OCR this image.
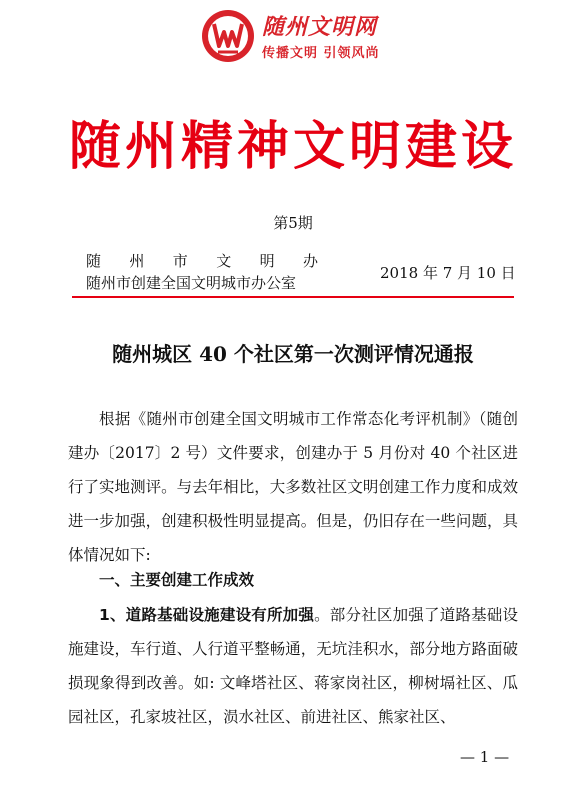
随州文明网
传播文明 引领风尚
随州精神文明建设
第5期
随 州 市 文 明 办
随州市创建全国文明城市办公室
2018 年 7 月 10 日
随州城区 40 个社区第一次测评情况通报
根据《随州市创建全国文明城市工作常态化考评机制》（随创建办〔2017〕2 号）文件要求，创建办于 5 月份对 40 个社区进行了实地测评。与去年相比，大多数社区文明创建工作力度和成效进一步加强，创建积极性明显提高。但是，仍旧存在一些问题，具体情况如下:
一、主要创建工作成效
1、道路基础设施建设有所加强。部分社区加强了道路基础设施建设，车行道、人行道平整畅通，无坑洼积水，部分地方路面破损现象得到改善。如: 文峰塔社区、蒋家岗社区，柳树塥社区、瓜园社区，孔家坡社区，涢水社区、前进社区、熊家社区、
— 1 —
